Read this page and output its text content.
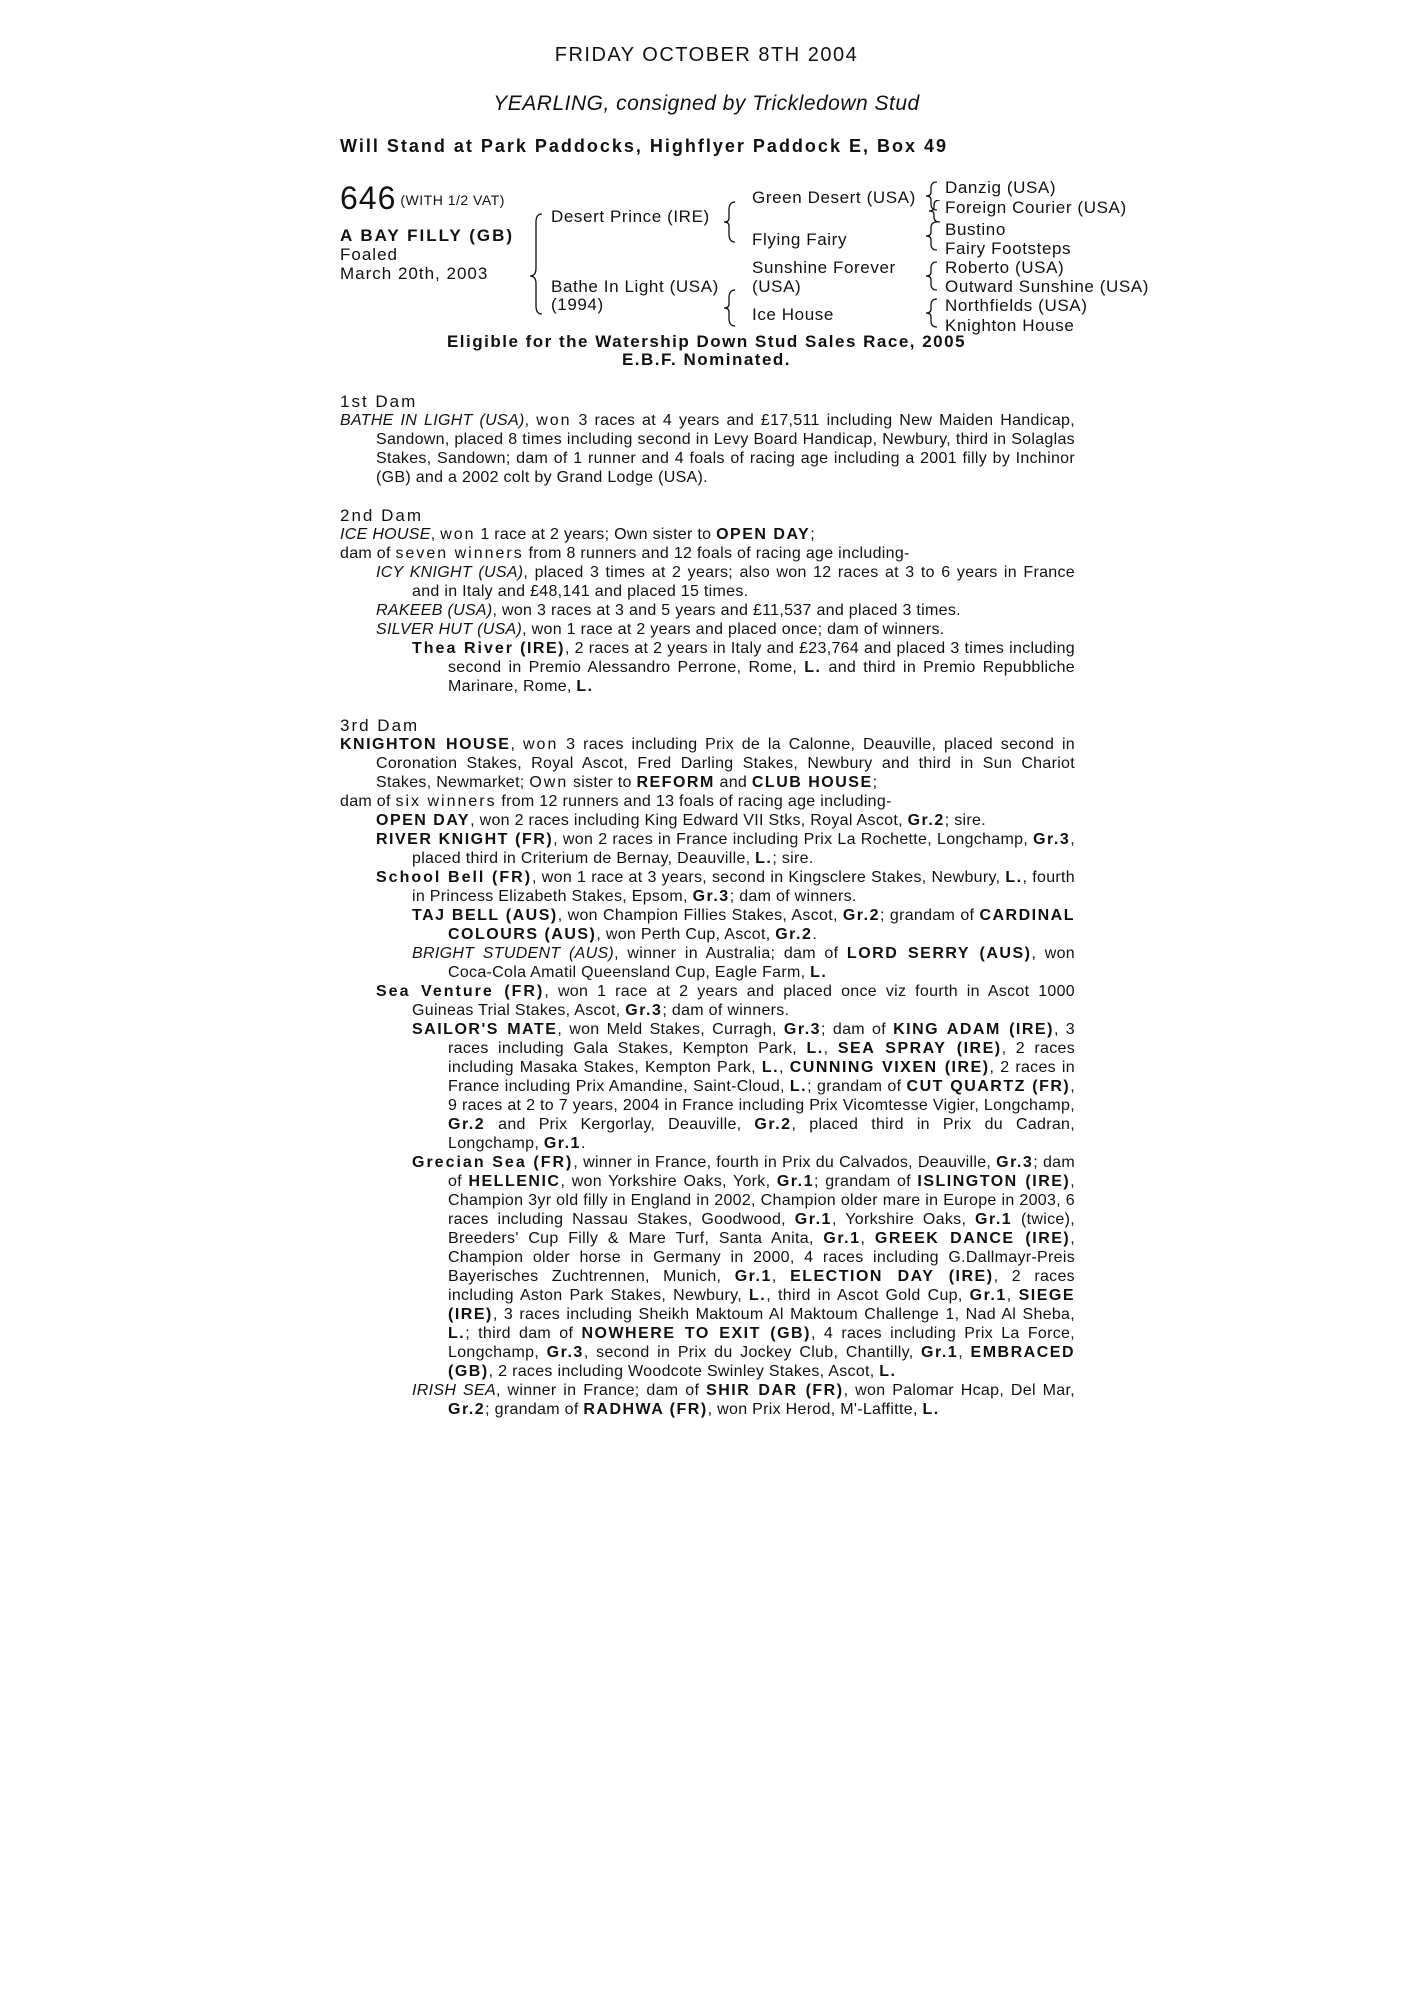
FRIDAY OCTOBER 8TH 2004
YEARLING, consigned by Trickledown Stud
Will Stand at Park Paddocks, Highflyer Paddock E, Box 49
646 (WITH 1/2 VAT)
A BAY FILLY (GB)
Foaled
March 20th, 2003
Desert Prince (IRE)
Bathe In Light (USA)
(1994)
Green Desert (USA)
Flying Fairy
Sunshine Forever
(USA)
Ice House
Danzig (USA)
Foreign Courier (USA)
Bustino
Fairy Footsteps
Roberto (USA)
Outward Sunshine (USA)
Northfields (USA)
Knighton House
Eligible for the Watership Down Stud Sales Race, 2005
E.B.F. Nominated.
1st Dam

BATHE IN LIGHT (USA), won 3 races at 4 years and £17,511 including New Maiden Handicap, Sandown, placed 8 times including second in Levy Board Handicap, Newbury, third in Solaglas Stakes, Sandown; dam of 1 runner and 4 foals of racing age including a 2001 filly by Inchinor (GB) and a 2002 colt by Grand Lodge (USA).

2nd Dam

ICE HOUSE, won 1 race at 2 years; Own sister to OPEN DAY;

dam of seven winners from 8 runners and 12 foals of racing age including-

ICY KNIGHT (USA), placed 3 times at 2 years; also won 12 races at 3 to 6 years in France and in Italy and £48,141 and placed 15 times.

RAKEEB (USA), won 3 races at 3 and 5 years and £11,537 and placed 3 times.

SILVER HUT (USA), won 1 race at 2 years and placed once; dam of winners.

Thea River (IRE), 2 races at 2 years in Italy and £23,764 and placed 3 times including second in Premio Alessandro Perrone, Rome, L. and third in Premio Repubbliche Marinare, Rome, L.

3rd Dam

KNIGHTON HOUSE, won 3 races including Prix de la Calonne, Deauville, placed second in Coronation Stakes, Royal Ascot, Fred Darling Stakes, Newbury and third in Sun Chariot Stakes, Newmarket; Own sister to REFORM and CLUB HOUSE;

dam of six winners from 12 runners and 13 foals of racing age including-

OPEN DAY, won 2 races including King Edward VII Stks, Royal Ascot, Gr.2; sire.

RIVER KNIGHT (FR), won 2 races in France including Prix La Rochette, Longchamp, Gr.3, placed third in Criterium de Bernay, Deauville, L.; sire.

School Bell (FR), won 1 race at 3 years, second in Kingsclere Stakes, Newbury, L., fourth in Princess Elizabeth Stakes, Epsom, Gr.3; dam of winners.

TAJ BELL (AUS), won Champion Fillies Stakes, Ascot, Gr.2; grandam of CARDINAL COLOURS (AUS), won Perth Cup, Ascot, Gr.2.

BRIGHT STUDENT (AUS), winner in Australia; dam of LORD SERRY (AUS), won Coca-Cola Amatil Queensland Cup, Eagle Farm, L.

Sea Venture (FR), won 1 race at 2 years and placed once viz fourth in Ascot 1000 Guineas Trial Stakes, Ascot, Gr.3; dam of winners.

SAILOR'S MATE, won Meld Stakes, Curragh, Gr.3; dam of KING ADAM (IRE), 3 races including Gala Stakes, Kempton Park, L., SEA SPRAY (IRE), 2 races including Masaka Stakes, Kempton Park, L., CUNNING VIXEN (IRE), 2 races in France including Prix Amandine, Saint-Cloud, L.; grandam of CUT QUARTZ (FR), 9 races at 2 to 7 years, 2004 in France including Prix Vicomtesse Vigier, Longchamp, Gr.2 and Prix Kergorlay, Deauville, Gr.2, placed third in Prix du Cadran, Longchamp, Gr.1.

Grecian Sea (FR), winner in France, fourth in Prix du Calvados, Deauville, Gr.3; dam of HELLENIC, won Yorkshire Oaks, York, Gr.1; grandam of ISLINGTON (IRE), Champion 3yr old filly in England in 2002, Champion older mare in Europe in 2003, 6 races including Nassau Stakes, Goodwood, Gr.1, Yorkshire Oaks, Gr.1 (twice), Breeders' Cup Filly & Mare Turf, Santa Anita, Gr.1, GREEK DANCE (IRE), Champion older horse in Germany in 2000, 4 races including G.Dallmayr-Preis Bayerisches Zuchtrennen, Munich, Gr.1, ELECTION DAY (IRE), 2 races including Aston Park Stakes, Newbury, L., third in Ascot Gold Cup, Gr.1, SIEGE (IRE), 3 races including Sheikh Maktoum Al Maktoum Challenge 1, Nad Al Sheba, L.; third dam of NOWHERE TO EXIT (GB), 4 races including Prix La Force, Longchamp, Gr.3, second in Prix du Jockey Club, Chantilly, Gr.1, EMBRACED (GB), 2 races including Woodcote Swinley Stakes, Ascot, L.

IRISH SEA, winner in France; dam of SHIR DAR (FR), won Palomar Hcap, Del Mar, Gr.2; grandam of RADHWA (FR), won Prix Herod, M'-Laffitte, L.
